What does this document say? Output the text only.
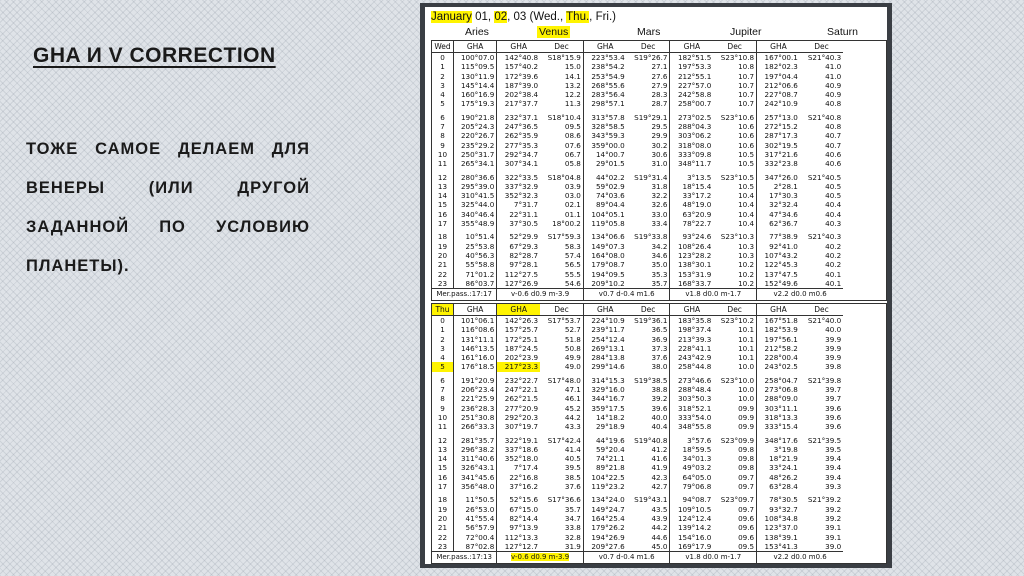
GHA И V CORRECTION

ТОЖЕ САМОЕ ДЕЛАЕМ ДЛЯ ВЕНЕРЫ (ИЛИ ДРУГОЙ ЗАДАННОЙ ПО УСЛОВИЮ ПЛАНЕТЫ).

January 01, 02, 03 (Wed., Thu., Fri.)
Aries	Venus	Mars	Jupiter	Saturn
Wed	GHA	GHA	Dec	GHA	Dec	GHA	Dec	GHA	Dec
0	100°07.0	142°40.8	S18°15.9	223°53.4	S19°26.7	182°51.5	S23°10.8	167°00.1	S21°40.3
1	115°09.5	157°40.2	15.0	238°54.2	27.1	197°53.3	10.8	182°02.3	41.0
2	130°11.9	172°39.6	14.1	253°54.9	27.6	212°55.1	10.7	197°04.4	41.0
3	145°14.4	187°39.0	13.2	268°55.6	27.9	227°57.0	10.7	212°06.6	40.9
4	160°16.9	202°38.4	12.2	283°56.4	28.3	242°58.8	10.7	227°08.7	40.9
5	175°19.3	217°37.7	11.3	298°57.1	28.7	258°00.7	10.7	242°10.9	40.8
6	190°21.8	232°37.1	S18°10.4	313°57.8	S19°29.1	273°02.5	S23°10.6	257°13.0	S21°40.8
7	205°24.3	247°36.5	09.5	328°58.5	29.5	288°04.3	10.6	272°15.2	40.8
8	220°26.7	262°35.9	08.6	343°59.3	29.9	303°06.2	10.6	287°17.3	40.7
9	235°29.2	277°35.3	07.6	359°00.0	30.2	318°08.0	10.6	302°19.5	40.7
10	250°31.7	292°34.7	06.7	14°00.7	30.6	333°09.8	10.5	317°21.6	40.6
11	265°34.1	307°34.1	05.8	29°01.5	31.0	348°11.7	10.5	332°23.8	40.6
12	280°36.6	322°33.5	S18°04.8	44°02.2	S19°31.4	3°13.5	S23°10.5	347°26.0	S21°40.5
13	295°39.0	337°32.9	03.9	59°02.9	31.8	18°15.4	10.5	2°28.1	40.5
14	310°41.5	352°32.3	03.0	74°03.6	32.2	33°17.2	10.4	17°30.3	40.5
15	325°44.0	7°31.7	02.1	89°04.4	32.6	48°19.0	10.4	32°32.4	40.4
16	340°46.4	22°31.1	01.1	104°05.1	33.0	63°20.9	10.4	47°34.6	40.4
17	355°48.9	37°30.5	18°00.2	119°05.8	33.4	78°22.7	10.4	62°36.7	40.3
18	10°51.4	52°29.9	S17°59.3	134°06.6	S19°33.8	93°24.6	S23°10.3	77°38.9	S21°40.3
19	25°53.8	67°29.3	58.3	149°07.3	34.2	108°26.4	10.3	92°41.0	40.2
20	40°56.3	82°28.7	57.4	164°08.0	34.6	123°28.2	10.3	107°43.2	40.2
21	55°58.8	97°28.1	56.5	179°08.7	35.0	138°30.1	10.2	122°45.3	40.2
22	71°01.2	112°27.5	55.5	194°09.5	35.3	153°31.9	10.2	137°47.5	40.1
23	86°03.7	127°26.9	54.6	209°10.2	35.7	168°33.7	10.2	152°49.6	40.1
Mer.pass.:17:17		v-0.6 d0.9 m-3.9		v0.7 d-0.4 m1.6		v1.8 d0.0 m-1.7		v2.2 d0.0 m0.6	
Thu	GHA	GHA	Dec	GHA	Dec	GHA	Dec	GHA	Dec
0	101°06.1	142°26.3	S17°53.7	224°10.9	S19°36.1	183°35.8	S23°10.2	167°51.8	S21°40.0
1	116°08.6	157°25.7	52.7	239°11.7	36.5	198°37.4	10.1	182°53.9	40.0
2	131°11.1	172°25.1	51.8	254°12.4	36.9	213°39.3	10.1	197°56.1	39.9
3	146°13.5	187°24.5	50.8	269°13.1	37.3	228°41.1	10.1	212°58.2	39.9
4	161°16.0	202°23.9	49.9	284°13.8	37.6	243°42.9	10.1	228°00.4	39.9
5	176°18.5	217°23.3	49.0	299°14.6	38.0	258°44.8	10.0	243°02.5	39.8
6	191°20.9	232°22.7	S17°48.0	314°15.3	S19°38.5	273°46.6	S23°10.0	258°04.7	S21°39.8
7	206°23.4	247°22.1	47.1	329°16.0	38.8	288°48.4	10.0	273°06.8	39.7
8	221°25.9	262°21.5	46.1	344°16.7	39.2	303°50.3	10.0	288°09.0	39.7
9	236°28.3	277°20.9	45.2	359°17.5	39.6	318°52.1	09.9	303°11.1	39.6
10	251°30.8	292°20.3	44.2	14°18.2	40.0	333°54.0	09.9	318°13.3	39.6
11	266°33.3	307°19.7	43.3	29°18.9	40.4	348°55.8	09.9	333°15.4	39.6
12	281°35.7	322°19.1	S17°42.4	44°19.6	S19°40.8	3°57.6	S23°09.9	348°17.6	S21°39.5
13	296°38.2	337°18.6	41.4	59°20.4	41.2	18°59.5	09.8	3°19.8	39.5
14	311°40.6	352°18.0	40.5	74°21.1	41.6	34°01.3	09.8	18°21.9	39.4
15	326°43.1	7°17.4	39.5	89°21.8	41.9	49°03.2	09.8	33°24.1	39.4
16	341°45.6	22°16.8	38.5	104°22.5	42.3	64°05.0	09.7	48°26.2	39.4
17	356°48.0	37°16.2	37.6	119°23.2	42.7	79°06.8	09.7	63°28.4	39.3
18	11°50.5	52°15.6	S17°36.6	134°24.0	S19°43.1	94°08.7	S23°09.7	78°30.5	S21°39.2
19	26°53.0	67°15.0	35.7	149°24.7	43.5	109°10.5	09.7	93°32.7	39.2
20	41°55.4	82°14.4	34.7	164°25.4	43.9	124°12.4	09.6	108°34.8	39.2
21	56°57.9	97°13.9	33.8	179°26.2	44.2	139°14.2	09.6	123°37.0	39.1
22	72°00.4	112°13.3	32.8	194°26.9	44.6	154°16.0	09.6	138°39.1	39.1
23	87°02.8	127°12.7	31.9	209°27.6	45.0	169°17.9	09.5	153°41.3	39.0
Mer.pass.:17:13		v-0.6 d0.9 m-3.9		v0.7 d-0.4 m1.6		v1.8 d0.0 m-1.7		v2.2 d0.0 m0.6	
